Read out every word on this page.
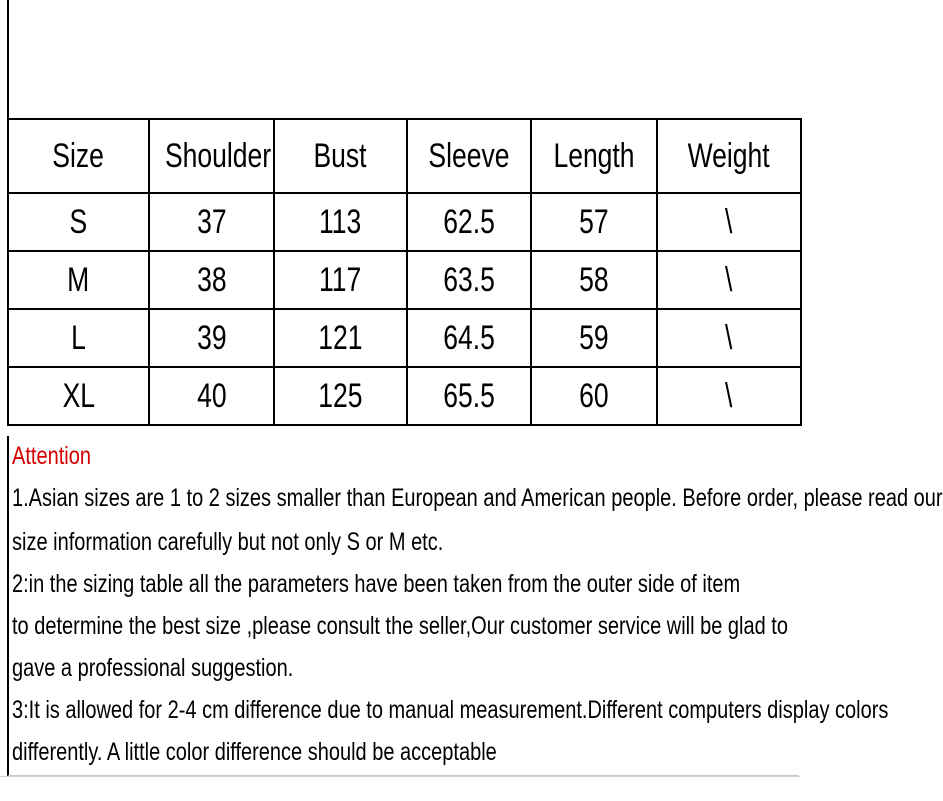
Size	Shoulder	Bust	Sleeve	Length	Weight
S	37	113	62.5	57	\
M	38	117	63.5	58	\
L	39	121	64.5	59	\
XL	40	125	65.5	60	\
Attention
1.Asian sizes are 1 to 2 sizes smaller than European and American people. Before order, please read our
size information carefully but not only S or M etc.
2:in the sizing table all the parameters have been taken from the outer side of item
to determine the best size ,please consult the seller,Our customer service will be glad to
gave a professional suggestion.
3:It is allowed for 2-4 cm difference due to manual measurement.Different computers display colors
differently. A little color difference should be acceptable
